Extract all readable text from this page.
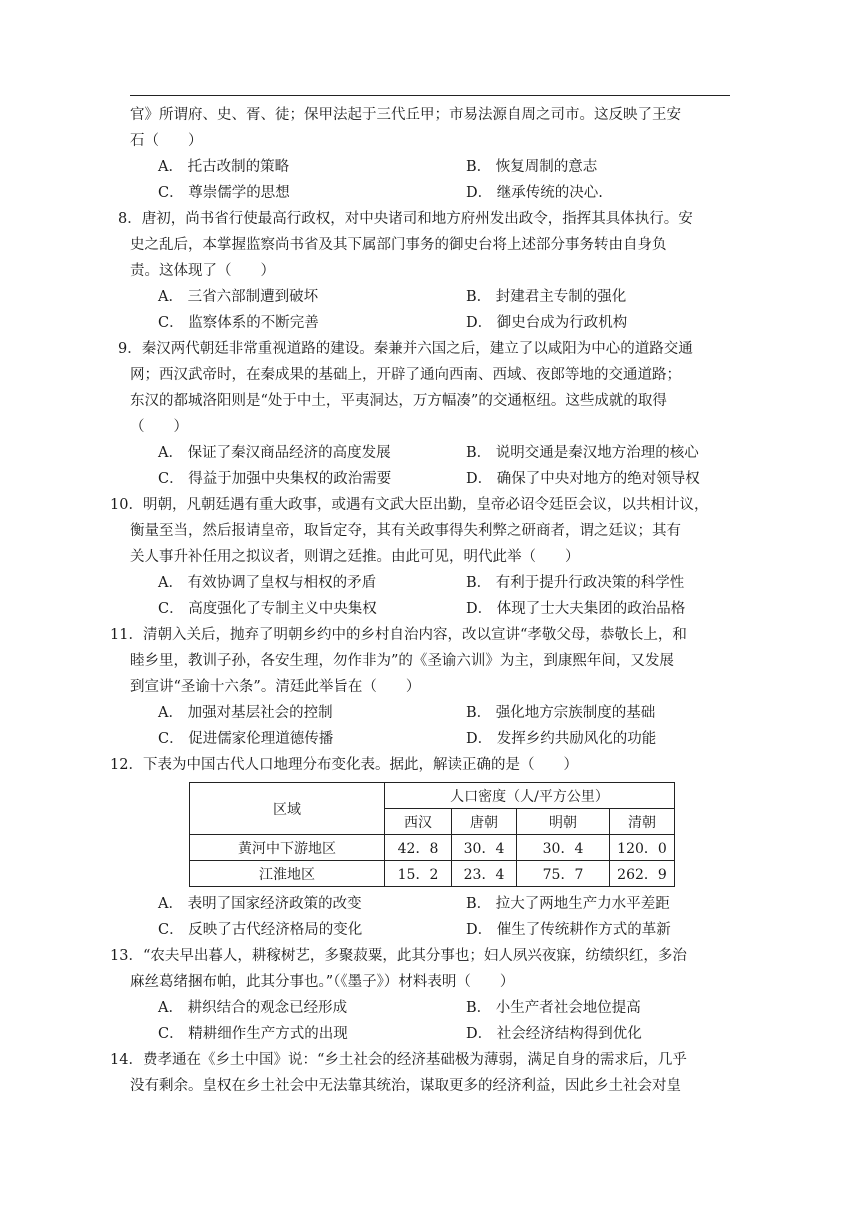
官》所谓府、史、胥、徒；保甲法起于三代丘甲；市易法源自周之司市。这反映了王安
石（　　）
A． 托古改制的策略	B． 恢复周制的意志
C． 尊崇儒学的思想	D． 继承传统的决心.
8．唐初，尚书省行使最高行政权，对中央诸司和地方府州发出政令，指挥其具体执行。安
史之乱后，本掌握监察尚书省及其下属部门事务的御史台将上述部分事务转由自身负
责。这体现了（　　）
A． 三省六部制遭到破坏	B． 封建君主专制的强化
C． 监察体系的不断完善	D． 御史台成为行政机构
9．秦汉两代朝廷非常重视道路的建设。秦兼并六国之后，建立了以咸阳为中心的道路交通
网；西汉武帝时，在秦成果的基础上，开辟了通向西南、西域、夜郎等地的交通道路；
东汉的都城洛阳则是“处于中土，平夷洞达，万方幅凑”的交通枢纽。这些成就的取得
（　　）
A． 保证了秦汉商品经济的高度发展	B． 说明交通是秦汉地方治理的核心
C． 得益于加强中央集权的政治需要	D． 确保了中央对地方的绝对领导权
10．明朝，凡朝廷遇有重大政事，或遇有文武大臣出勤，皇帝必诏令廷臣会议，以共相计议，
衡量至当，然后报请皇帝，取旨定夺，其有关政事得失利弊之研商者，谓之廷议；其有
关人事升补任用之拟议者，则谓之廷推。由此可见，明代此举（　　）
A． 有效协调了皇权与相权的矛盾	B． 有利于提升行政决策的科学性
C． 高度强化了专制主义中央集权	D． 体现了士大夫集团的政治品格
11．清朝入关后，抛弃了明朝乡约中的乡村自治内容，改以宣讲“孝敬父母，恭敬长上，和
睦乡里，教训子孙，各安生理，勿作非为”的《圣谕六训》为主，到康熙年间，又发展
到宣讲“圣谕十六条”。清廷此举旨在（　　）
A． 加强对基层社会的控制	B． 强化地方宗族制度的基础
C． 促进儒家伦理道德传播	D． 发挥乡约共励风化的功能
12．下表为中国古代人口地理分布变化表。据此，解读正确的是（　　）
区域	人口密度（人/平方公里）			
	西汉	唐朝	明朝	清朝
黄河中下游地区	42．8	30．4	30．4	120．0
江淮地区	15．2	23．4	75．7	262．9
A． 表明了国家经济政策的改变	B． 拉大了两地生产力水平差距
C． 反映了古代经济格局的变化	D． 催生了传统耕作方式的革新
13．“农夫早出暮人，耕稼树艺，多聚菽粟，此其分事也；妇人夙兴夜寐，纺绩织红，多治
麻丝葛绪捆布帕，此其分事也。”（《墨子》）材料表明（　　）
A． 耕织结合的观念已经形成	B． 小生产者社会地位提高
C． 精耕细作生产方式的出现	D． 社会经济结构得到优化
14．费孝通在《乡土中国》说：“乡土社会的经济基础极为薄弱，满足自身的需求后，几乎
没有剩余。皇权在乡土社会中无法靠其统治，谋取更多的经济利益，因此乡土社会对皇
